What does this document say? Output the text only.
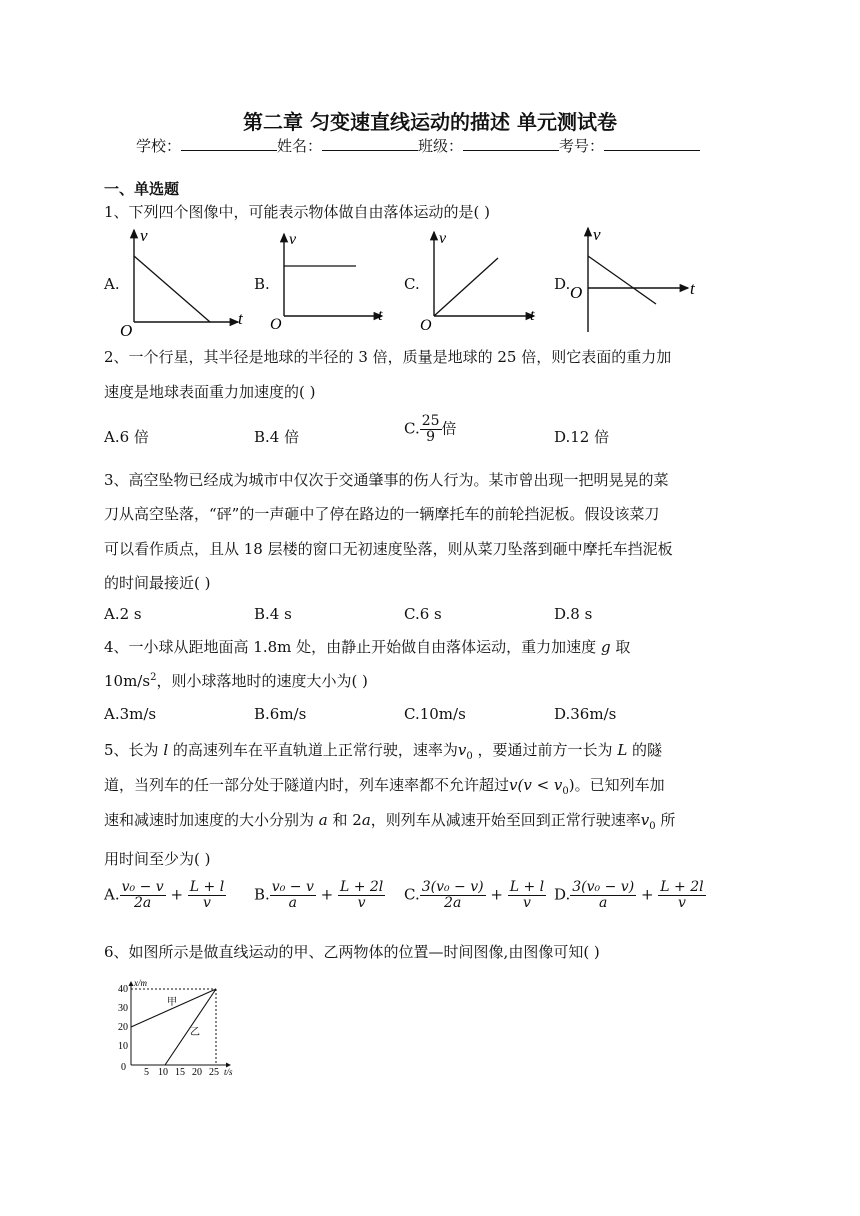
第二章 匀变速直线运动的描述 单元测试卷
学校：	姓名：	班级：	考号：
一、单选题
1、下列四个图像中，可能表示物体做自由落体运动的是( )
A.	B.	C.	D.
v
t
O
v
t
O
v
t
O
v
t
O
2、一个行星，其半径是地球的半径的 3 倍，质量是地球的 25 倍，则它表面的重力加
速度是地球表面重力加速度的( )
A.6 倍	B.4 倍	C. $\frac{25}{9}$ 倍	D.12 倍
3、高空坠物已经成为城市中仅次于交通肇事的伤人行为。某市曾出现一把明晃晃的菜
刀从高空坠落，“砰”的一声砸中了停在路边的一辆摩托车的前轮挡泥板。假设该菜刀
可以看作质点，且从 18 层楼的窗口无初速度坠落，则从菜刀坠落到砸中摩托车挡泥板
的时间最接近( )
A.2 s	B.4 s	C.6 s	D.8 s
4、一小球从距地面高 1.8m 处，由静止开始做自由落体运动，重力加速度 g 取
$10m/s^2$，则小球落地时的速度大小为( )
A.3m/s	B.6m/s	C.10m/s	D.36m/s
5、长为 l 的高速列车在平直轨道上正常行驶，速率为$v_0$ ，要通过前方一长为 L 的隧
道，当列车的任一部分处于隧道内时，列车速率都不允许超过$v(v < v_0)$。已知列车加
速和减速时加速度的大小分别为 a 和 2a，则列车从减速开始至回到正常行驶速率$v_0$ 所
用时间至少为( )
A. $\frac{\text{v₀ − v}}{2a} + \frac{L + l}{v} B$. $\frac{\text{v₀ − v}}{a} + \frac{L + 2l}{v} C$. $\frac{\text{3(v₀ − v)}}{2a} + \frac{L + l}{v} D$. $\frac{\text{3(v₀ − v)}}{a} + \frac{L + 2l}{v}$
6、如图所示是做直线运动的甲、乙两物体的位置—时间图像,由图像可知( )
x/m
t/s
40
30
20
10
0 5 10 15 20 25
甲
乙
